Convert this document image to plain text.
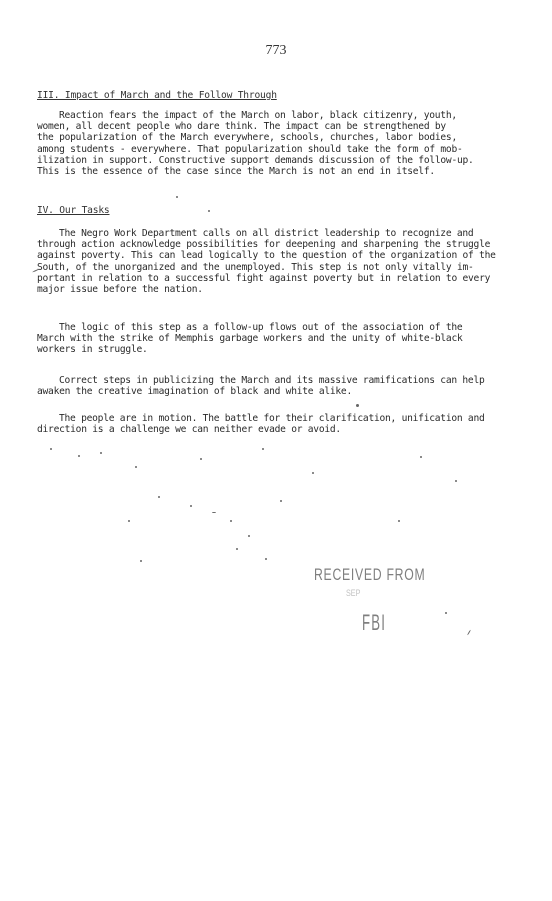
773
III. Impact of March and the Follow Through
Reaction fears the impact of the March on labor, black citizenry, youth,
women, all decent people who dare think. The impact can be strengthened by
the popularization of the March everywhere, schools, churches, labor bodies,
among students - everywhere. That popularization should take the form of mob-
ilization in support. Constructive support demands discussion of the follow-up.
This is the essence of the case since the March is not an end in itself.
IV. Our Tasks
The Negro Work Department calls on all district leadership to recognize and
through action acknowledge possibilities for deepening and sharpening the struggle
against poverty. This can lead logically to the question of the organization of the
South, of the unorganized and the unemployed. This step is not only vitally im-
portant in relation to a successful fight against poverty but in relation to every
major issue before the nation.
The logic of this step as a follow-up flows out of the association of the
March with the strike of Memphis garbage workers and the unity of white-black
workers in struggle.
Correct steps in publicizing the March and its massive ramifications can help
awaken the creative imagination of black and white alike.
The people are in motion. The battle for their clarification, unification and
direction is a challenge we can neither evade or avoid.
RECEIVED FROM
SEP
FBI
